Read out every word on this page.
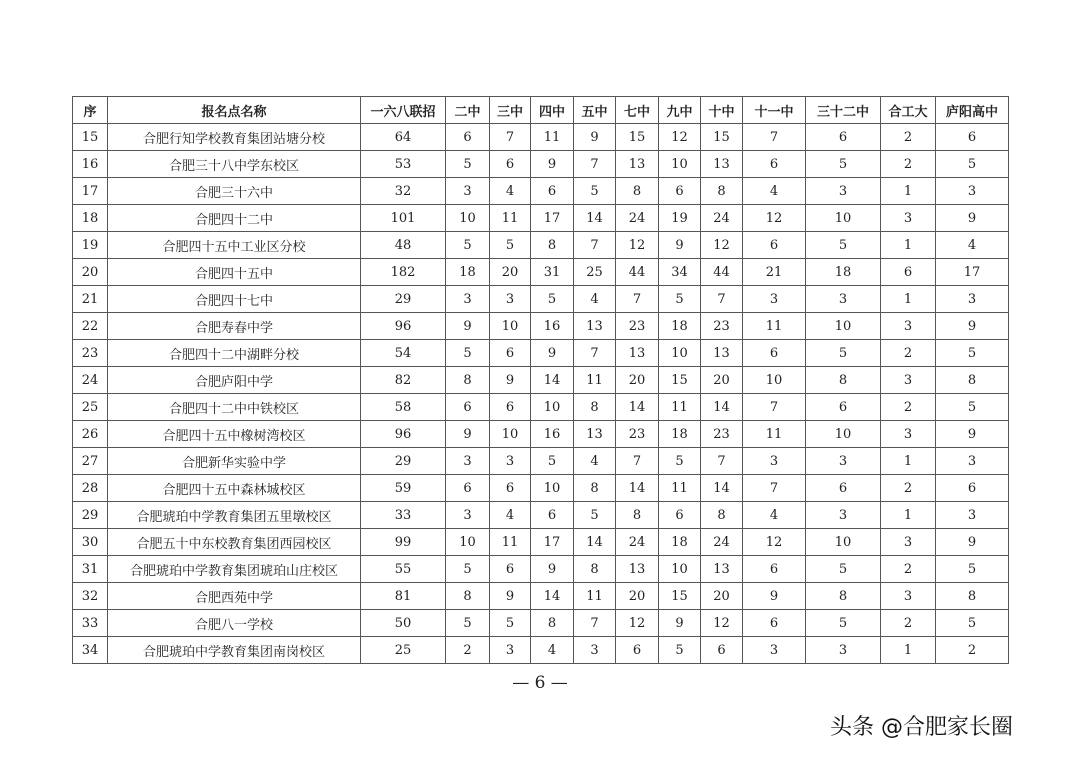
序	报名点名称	一六八联招	二中	三中	四中	五中	七中	九中	十中	十一中	三十二中	合工大	庐阳高中
15	合肥行知学校教育集团站塘分校	64	6	7	11	9	15	12	15	7	6	2	6
16	合肥三十八中学东校区	53	5	6	9	7	13	10	13	6	5	2	5
17	合肥三十六中	32	3	4	6	5	8	6	8	4	3	1	3
18	合肥四十二中	101	10	11	17	14	24	19	24	12	10	3	9
19	合肥四十五中工业区分校	48	5	5	8	7	12	9	12	6	5	1	4
20	合肥四十五中	182	18	20	31	25	44	34	44	21	18	6	17
21	合肥四十七中	29	3	3	5	4	7	5	7	3	3	1	3
22	合肥寿春中学	96	9	10	16	13	23	18	23	11	10	3	9
23	合肥四十二中湖畔分校	54	5	6	9	7	13	10	13	6	5	2	5
24	合肥庐阳中学	82	8	9	14	11	20	15	20	10	8	3	8
25	合肥四十二中中铁校区	58	6	6	10	8	14	11	14	7	6	2	5
26	合肥四十五中橡树湾校区	96	9	10	16	13	23	18	23	11	10	3	9
27	合肥新华实验中学	29	3	3	5	4	7	5	7	3	3	1	3
28	合肥四十五中森林城校区	59	6	6	10	8	14	11	14	7	6	2	6
29	合肥琥珀中学教育集团五里墩校区	33	3	4	6	5	8	6	8	4	3	1	3
30	合肥五十中东校教育集团西园校区	99	10	11	17	14	24	18	24	12	10	3	9
31	合肥琥珀中学教育集团琥珀山庄校区	55	5	6	9	8	13	10	13	6	5	2	5
32	合肥西苑中学	81	8	9	14	11	20	15	20	9	8	3	8
33	合肥八一学校	50	5	5	8	7	12	9	12	6	5	2	5
34	合肥琥珀中学教育集团南岗校区	25	2	3	4	3	6	5	6	3	3	1	2
— 6 —
头条 @合肥家长圈
